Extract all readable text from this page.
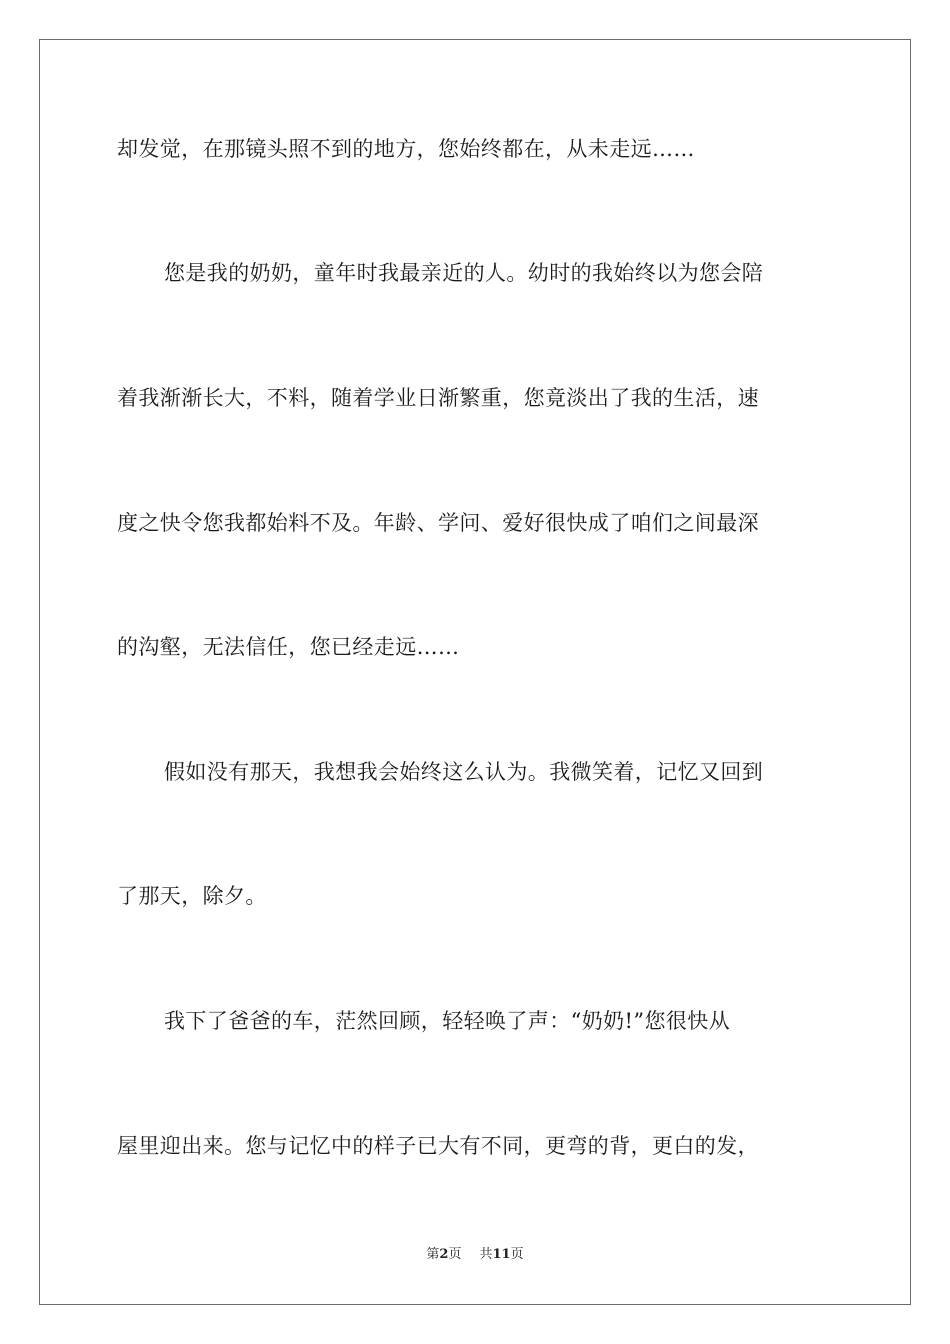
却发觉，在那镜头照不到的地方，您始终都在，从未走远……
您是我的奶奶，童年时我最亲近的人。幼时的我始终以为您会陪
着我渐渐长大，不料，随着学业日渐繁重，您竟淡出了我的生活，速
度之快令您我都始料不及。年龄、学问、爱好很快成了咱们之间最深
的沟壑，无法信任，您已经走远……
假如没有那天，我想我会始终这么认为。我微笑着，记忆又回到
了那天，除夕。
我下了爸爸的车，茫然回顾，轻轻唤了声：“奶奶!”您很快从
屋里迎出来。您与记忆中的样子已大有不同，更弯的背，更白的发，
第2页 共11页
